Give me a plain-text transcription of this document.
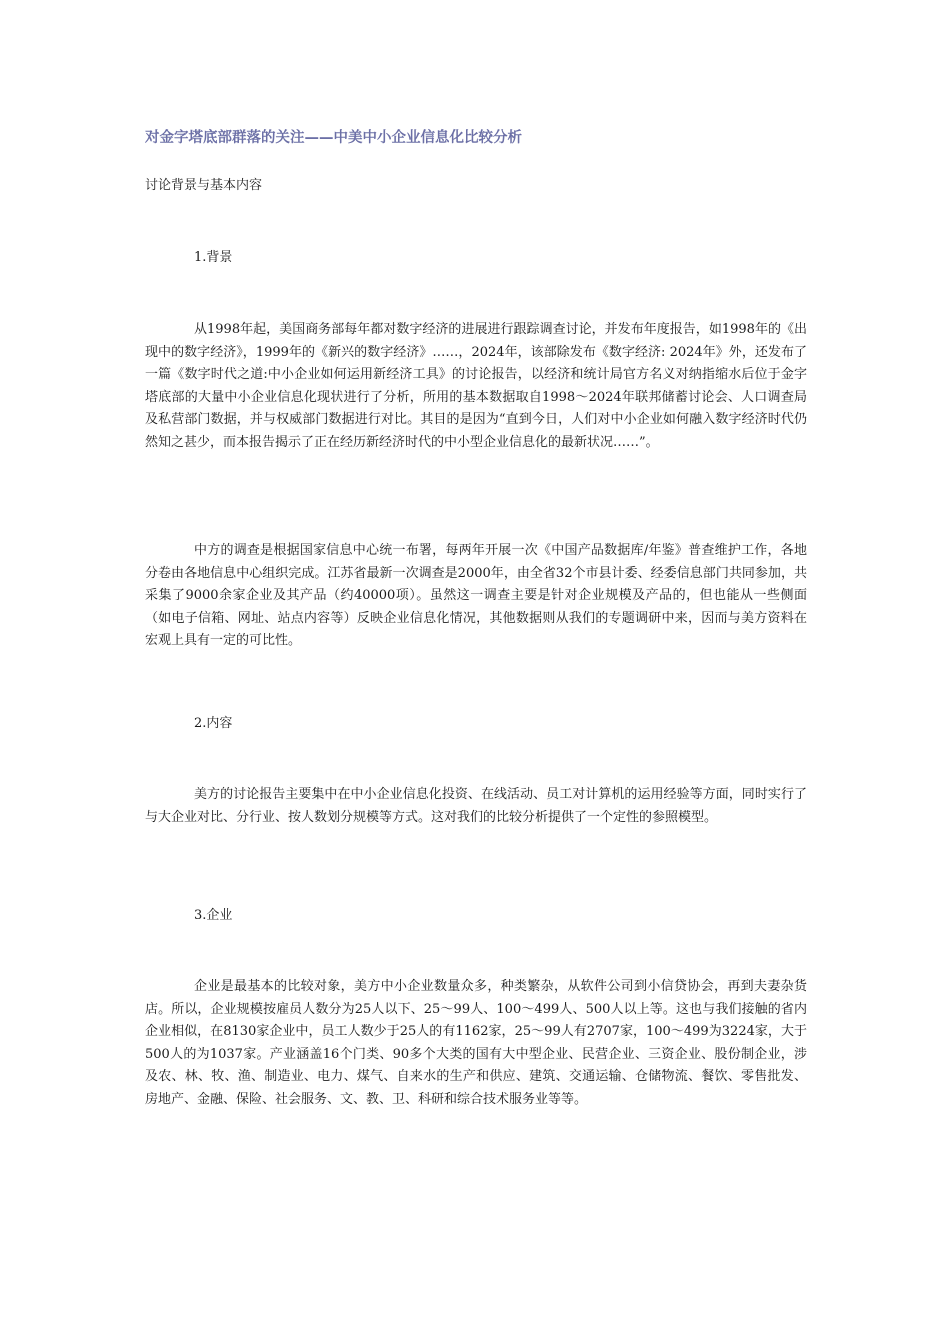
对金字塔底部群落的关注——中美中小企业信息化比较分析
讨论背景与基本内容
1.背景
从1998年起，美国商务部每年都对数字经济的进展进行跟踪调查讨论，并发布年度报告，如1998年的《出现中的数字经济》，1999年的《新兴的数字经济》……，2024年，该部除发布《数字经济: 2024年》外，还发布了一篇《数字时代之道:中小企业如何运用新经济工具》的讨论报告，以经济和统计局官方名义对纳指缩水后位于金字塔底部的大量中小企业信息化现状进行了分析，所用的基本数据取自1998～2024年联邦储蓄讨论会、人口调查局及私营部门数据，并与权威部门数据进行对比。其目的是因为“直到今日，人们对中小企业如何融入数字经济时代仍然知之甚少，而本报告揭示了正在经历新经济时代的中小型企业信息化的最新状况……”。
中方的调查是根据国家信息中心统一布署，每两年开展一次《中国产品数据库/年鉴》普查维护工作，各地分卷由各地信息中心组织完成。江苏省最新一次调查是2000年，由全省32个市县计委、经委信息部门共同参加，共采集了9000余家企业及其产品（约40000项）。虽然这一调查主要是针对企业规模及产品的，但也能从一些侧面（如电子信箱、网址、站点内容等）反映企业信息化情况，其他数据则从我们的专题调研中来，因而与美方资料在宏观上具有一定的可比性。
2.内容
美方的讨论报告主要集中在中小企业信息化投资、在线活动、员工对计算机的运用经验等方面，同时实行了与大企业对比、分行业、按人数划分规模等方式。这对我们的比较分析提供了一个定性的参照模型。
3.企业
企业是最基本的比较对象，美方中小企业数量众多，种类繁杂，从软件公司到小信贷协会，再到夫妻杂货店。所以，企业规模按雇员人数分为25人以下、25～99人、100～499人、500人以上等。这也与我们接触的省内企业相似，在8130家企业中，员工人数少于25人的有1162家，25～99人有2707家，100～499为3224家，大于500人的为1037家。产业涵盖16个门类、90多个大类的国有大中型企业、民营企业、三资企业、股份制企业，涉及农、林、牧、渔、制造业、电力、煤气、自来水的生产和供应、建筑、交通运输、仓储物流、餐饮、零售批发、房地产、金融、保险、社会服务、文、教、卫、科研和综合技术服务业等等。
